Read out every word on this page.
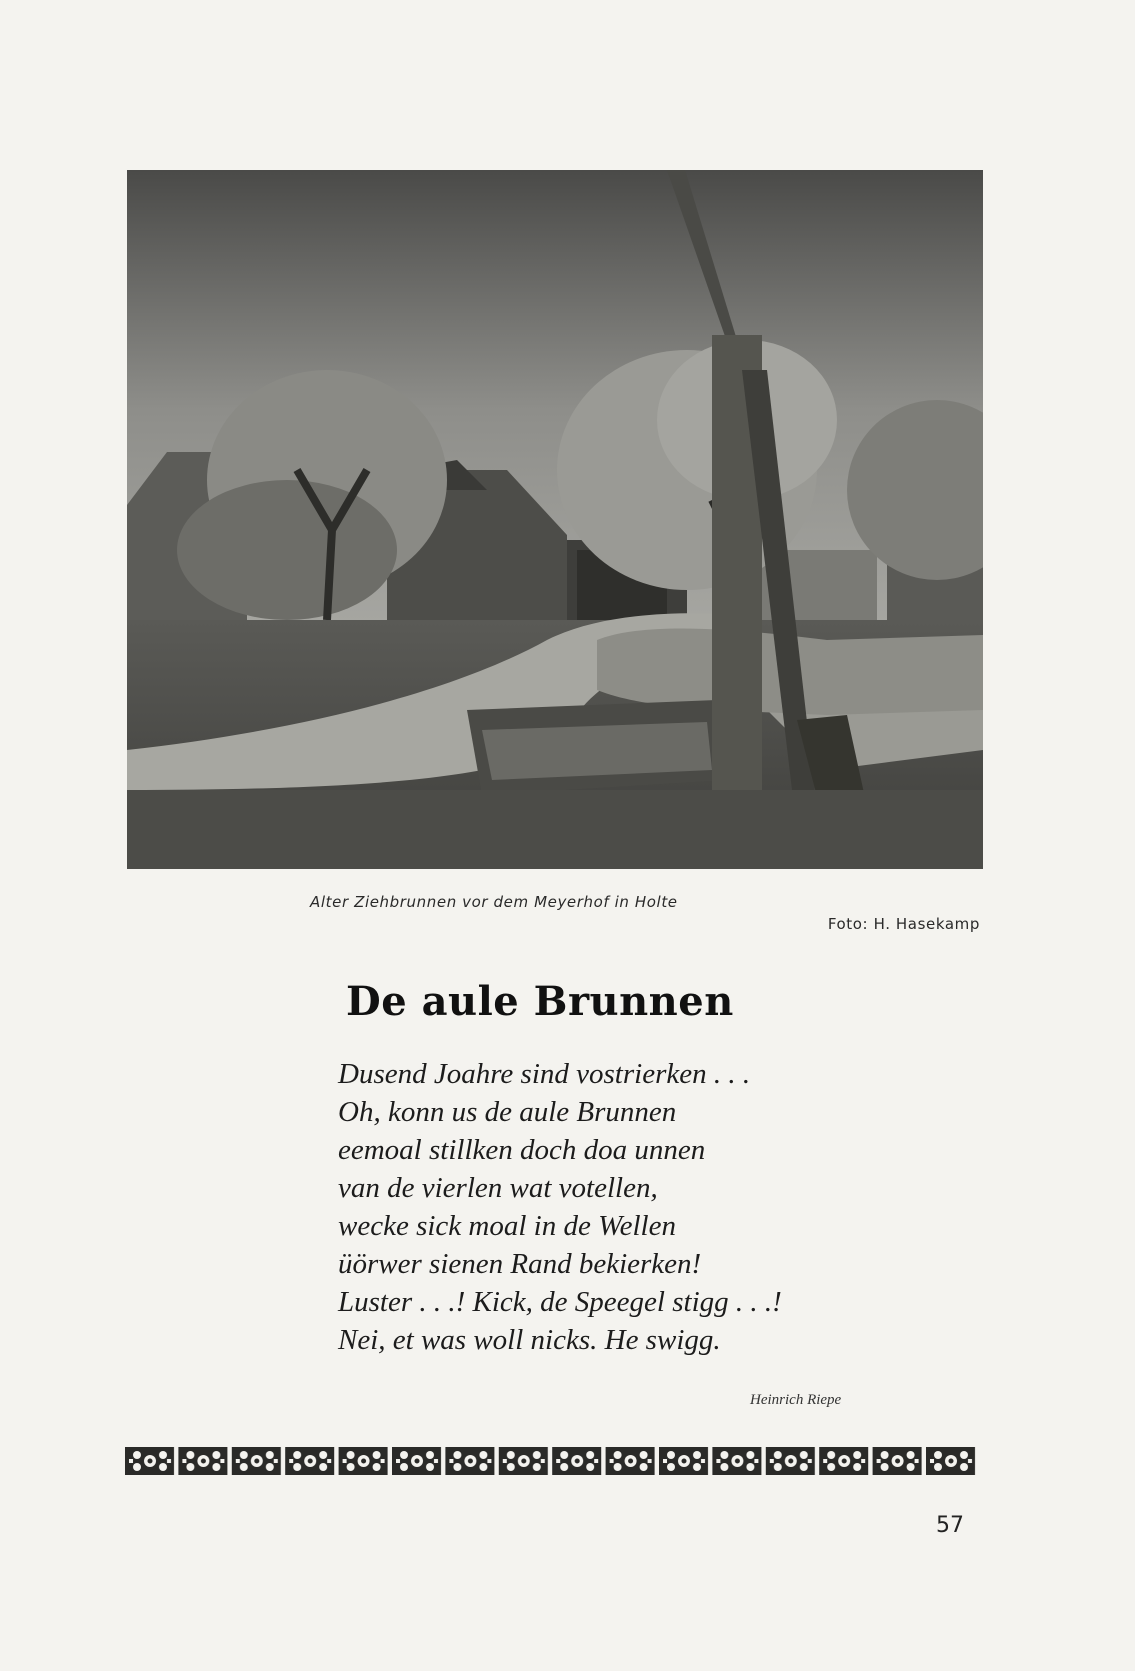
Alter Ziehbrunnen vor dem Meyerhof in Holte
Foto: H. Hasekamp
De aule Brunnen
Dusend Joahre sind vostrierken . . .
Oh, konn us de aule Brunnen
eemoal stillken doch doa unnen
van de vierlen wat votellen,
wecke sick moal in de Wellen
üörwer sienen Rand bekierken!
Luster . . .! Kick, de Speegel stigg . . .!
Nei, et was woll nicks. He swigg.
Heinrich Riepe
57
